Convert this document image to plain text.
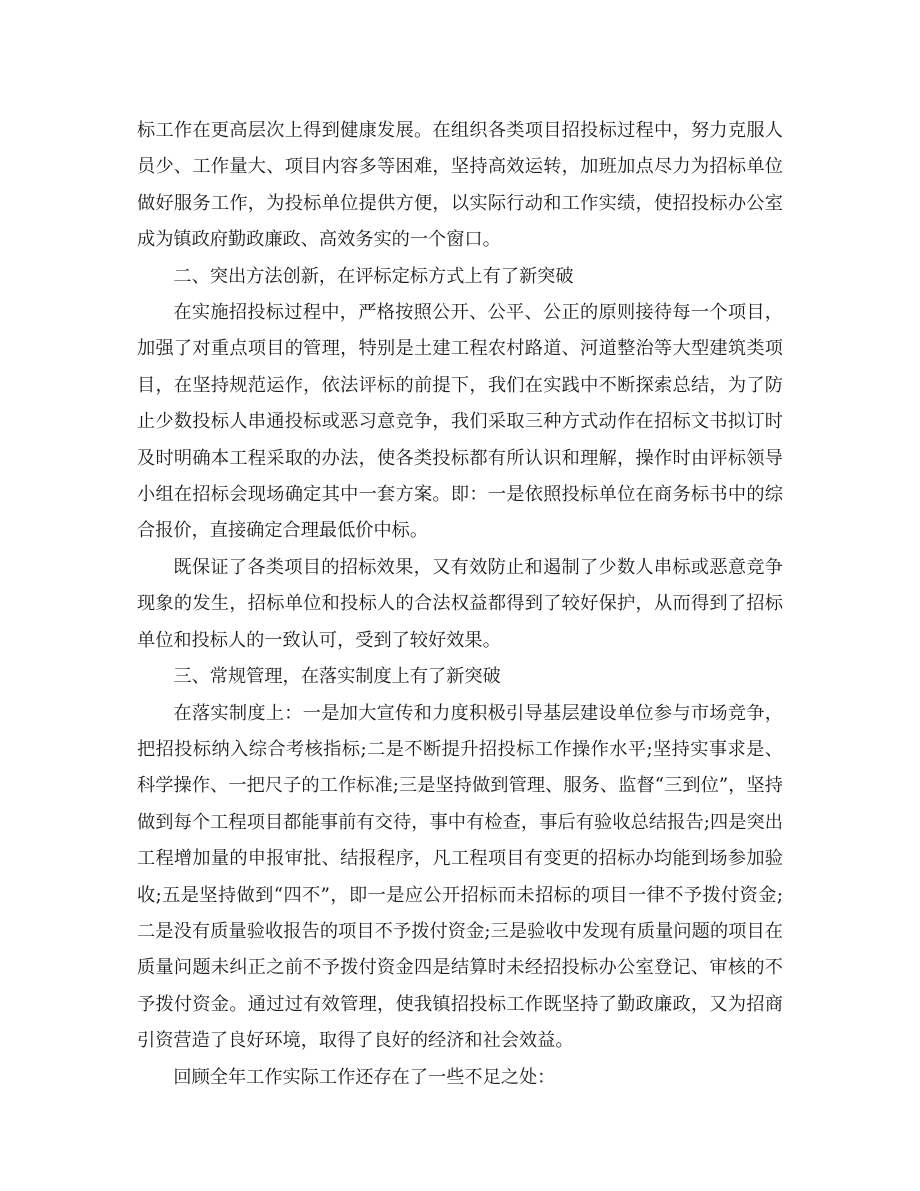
标工作在更高层次上得到健康发展。在组织各类项目招投标过程中，努力克服人员少、工作量大、项目内容多等困难，坚持高效运转，加班加点尽力为招标单位做好服务工作，为投标单位提供方便，以实际行动和工作实绩，使招投标办公室成为镇政府勤政廉政、高效务实的一个窗口。

二、突出方法创新，在评标定标方式上有了新突破

在实施招投标过程中，严格按照公开、公平、公正的原则接待每一个项目，加强了对重点项目的管理，特别是土建工程农村路道、河道整治等大型建筑类项目，在坚持规范运作，依法评标的前提下，我们在实践中不断探索总结，为了防止少数投标人串通投标或恶习意竞争，我们采取三种方式动作在招标文书拟订时及时明确本工程采取的办法，使各类投标都有所认识和理解，操作时由评标领导小组在招标会现场确定其中一套方案。即：一是依照投标单位在商务标书中的综合报价，直接确定合理最低价中标。

既保证了各类项目的招标效果，又有效防止和遏制了少数人串标或恶意竞争现象的发生，招标单位和投标人的合法权益都得到了较好保护，从而得到了招标单位和投标人的一致认可，受到了较好效果。

三、常规管理，在落实制度上有了新突破

在落实制度上：一是加大宣传和力度积极引导基层建设单位参与市场竞争，把招投标纳入综合考核指标;二是不断提升招投标工作操作水平;坚持实事求是、科学操作、一把尺子的工作标准;三是坚持做到管理、服务、监督“三到位”，坚持做到每个工程项目都能事前有交待，事中有检查，事后有验收总结报告;四是突出工程增加量的申报审批、结报程序，凡工程项目有变更的招标办均能到场参加验收;五是坚持做到“四不”，即一是应公开招标而未招标的项目一律不予拨付资金;二是没有质量验收报告的项目不予拨付资金;三是验收中发现有质量问题的项目在质量问题未纠正之前不予拨付资金四是结算时未经招投标办公室登记、审核的不予拨付资金。通过过有效管理，使我镇招投标工作既坚持了勤政廉政，又为招商引资营造了良好环境，取得了良好的经济和社会效益。

回顾全年工作实际工作还存在了一些不足之处：
